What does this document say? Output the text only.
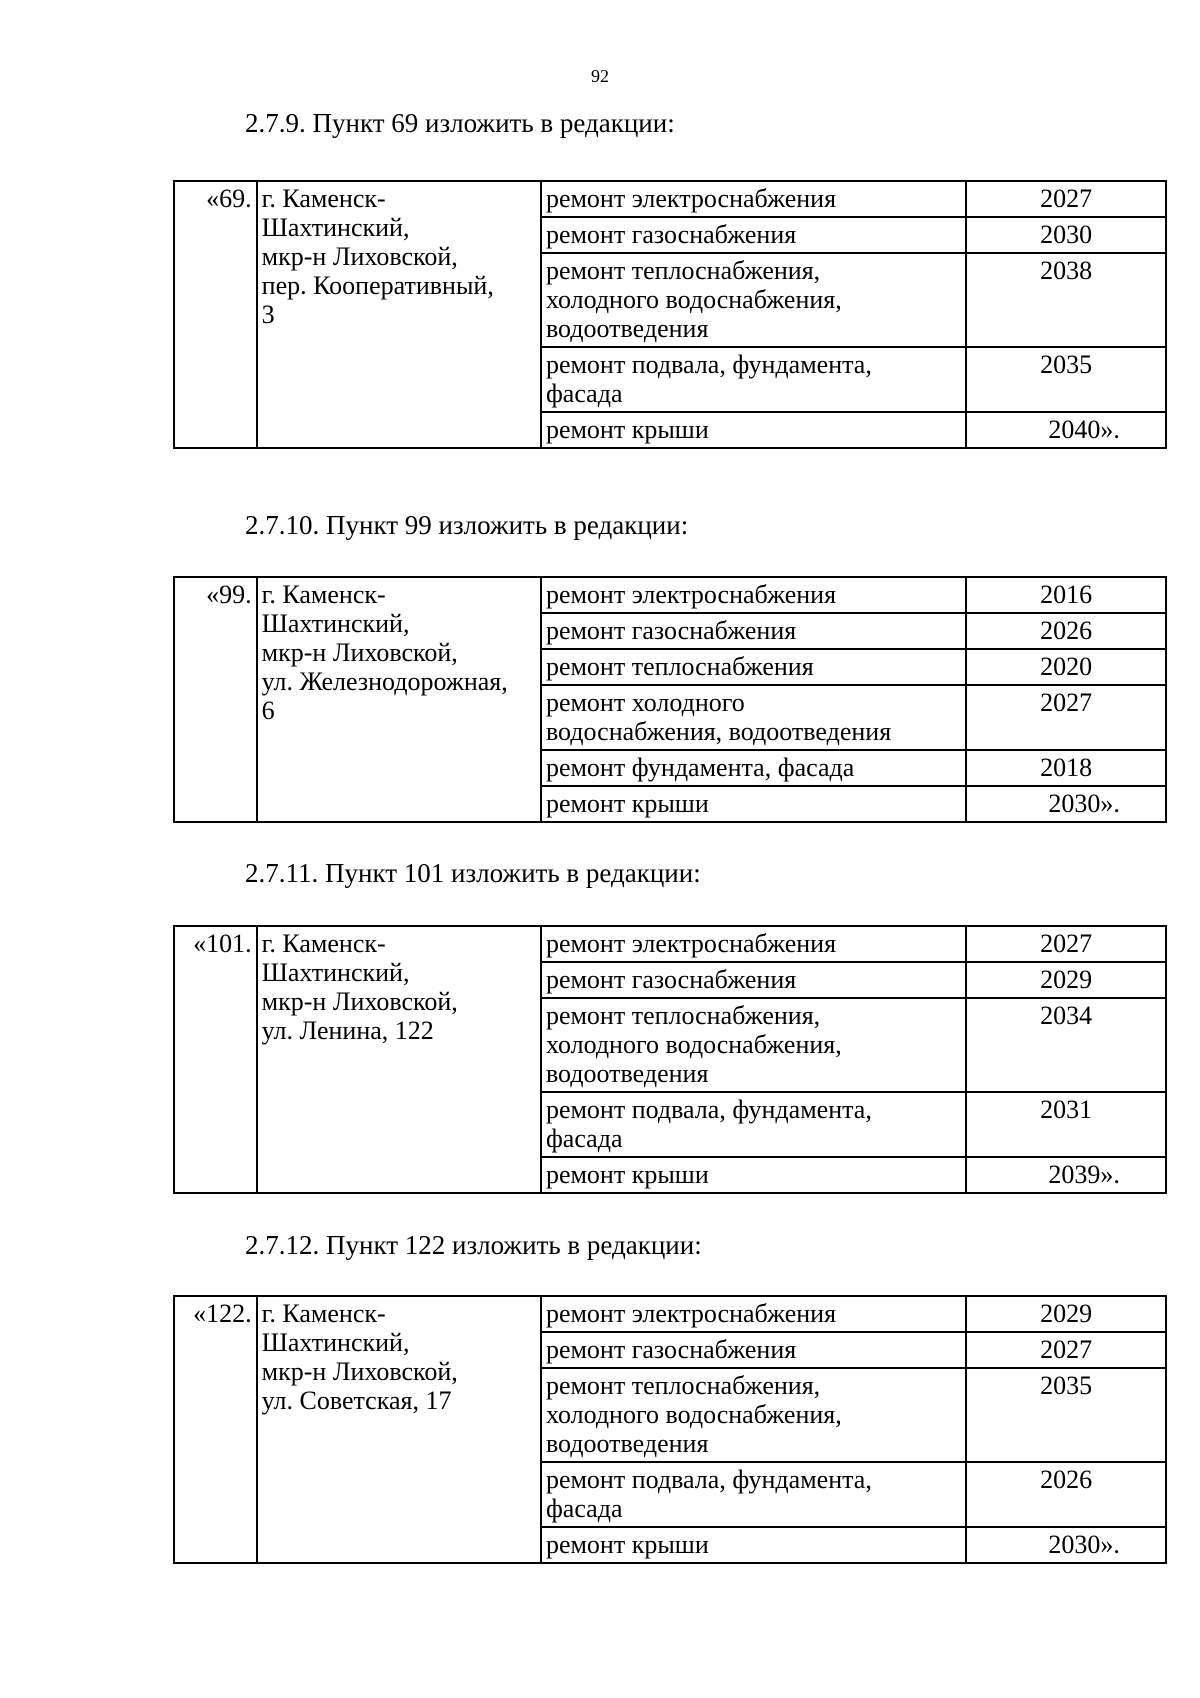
92
2.7.9. Пункт 69 изложить в редакции:
«69.	г. Каменск-
Шахтинский,
мкр-н Лиховской,
пер. Кооперативный,
3	ремонт электроснабжения	2027

		ремонт газоснабжения	2030

		ремонт теплоснабжения,
холодного водоснабжения,
водоотведения	2038

		ремонт подвала, фундамента,
фасада	2035

		ремонт крыши	2040».
2.7.10. Пункт 99 изложить в редакции:
«99.	г. Каменск-
Шахтинский,
мкр-н Лиховской,
ул. Железнодорожная,
6	ремонт электроснабжения	2016

		ремонт газоснабжения	2026

		ремонт теплоснабжения	2020

		ремонт холодного
водоснабжения, водоотведения	2027

		ремонт фундамента, фасада	2018

		ремонт крыши	2030».
2.7.11. Пункт 101 изложить в редакции:
«101.	г. Каменск-
Шахтинский,
мкр-н Лиховской,
ул. Ленина, 122	ремонт электроснабжения	2027

		ремонт газоснабжения	2029

		ремонт теплоснабжения,
холодного водоснабжения,
водоотведения	2034

		ремонт подвала, фундамента,
фасада	2031

		ремонт крыши	2039».
2.7.12. Пункт 122 изложить в редакции:
«122.	г. Каменск-
Шахтинский,
мкр-н Лиховской,
ул. Советская, 17	ремонт электроснабжения	2029

		ремонт газоснабжения	2027

		ремонт теплоснабжения,
холодного водоснабжения,
водоотведения	2035

		ремонт подвала, фундамента,
фасада	2026

		ремонт крыши	2030».
